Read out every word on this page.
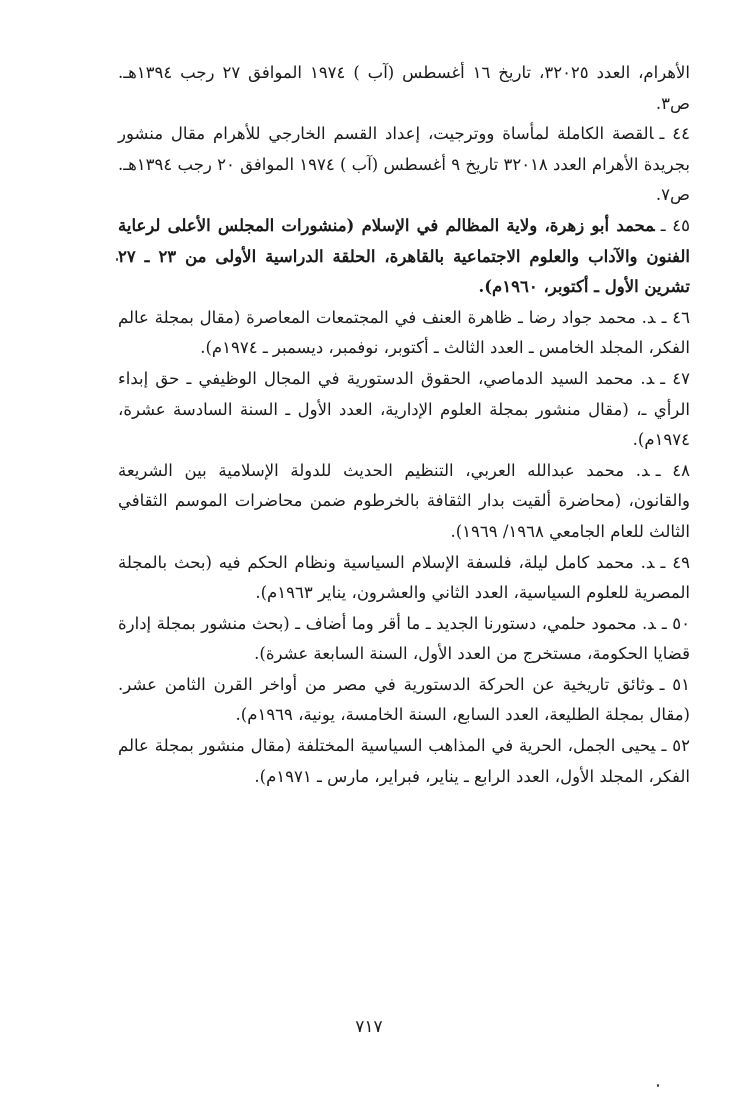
الأهرام، العدد ٣٢٠٢٥، تاريخ ١٦ أغسطس (آب ) ١٩٧٤ الموافق ٢٧ رجب ١٣٩٤هـ. ص٣.

٤٤ ـالقصة الكاملة لمأساة ووترجيت، إعداد القسم الخارجي للأهرام مقال منشور بجريدة الأهرام العدد ٣٢٠١٨ تاريخ ٩ أغسطس (آب ) ١٩٧٤ الموافق ٢٠ رجب ١٣٩٤هـ. ص٧.

٤٥ ـمحمد أبو زهرة، ولاية المظالم في الإسلام (منشورات المجلس الأعلى لرعاية الفنون والآداب والعلوم الاجتماعية بالقاهرة، الحلقة الدراسية الأولى من ٢٣ ـ ٢٧ تشرين الأول ـ أكتوبر، ١٩٦٠م).

٤٦ ـد. محمد جواد رضا ـ ظاهرة العنف في المجتمعات المعاصرة (مقال بمجلة عالم الفكر، المجلد الخامس ـ العدد الثالث ـ أكتوبر، نوفمبر، ديسمبر ـ ١٩٧٤م).

٤٧ ـد. محمد السيد الدماصي، الحقوق الدستورية في المجال الوظيفي ـ حق إبداء الرأي ـ، (مقال منشور بمجلة العلوم الإدارية، العدد الأول ـ السنة السادسة عشرة، ١٩٧٤م).

٤٨ ـد. محمد عبدالله العربي، التنظيم الحديث للدولة الإسلامية بين الشريعة والقانون، (محاضرة ألقيت بدار الثقافة بالخرطوم ضمن محاضرات الموسم الثقافي الثالث للعام الجامعي ١٩٦٨/ ١٩٦٩).

٤٩ ـد. محمد كامل ليلة، فلسفة الإسلام السياسية ونظام الحكم فيه (بحث بالمجلة المصرية للعلوم السياسية، العدد الثاني والعشرون، يناير ١٩٦٣م).

٥٠ ـد. محمود حلمي، دستورنا الجديد ـ ما أقر وما أضاف ـ (بحث منشور بمجلة إدارة قضايا الحكومة، مستخرج من العدد الأول، السنة السابعة عشرة).

٥١ ـوثائق تاريخية عن الحركة الدستورية في مصر من أواخر القرن الثامن عشر. (مقال بمجلة الطليعة، العدد السابع، السنة الخامسة، يونية، ١٩٦٩م).

٥٢ ـيحيى الجمل، الحرية في المذاهب السياسية المختلفة (مقال منشور بمجلة عالم الفكر، المجلد الأول، العدد الرابع ـ يناير، فبراير، مارس ـ ١٩٧١م).

٧١٧
